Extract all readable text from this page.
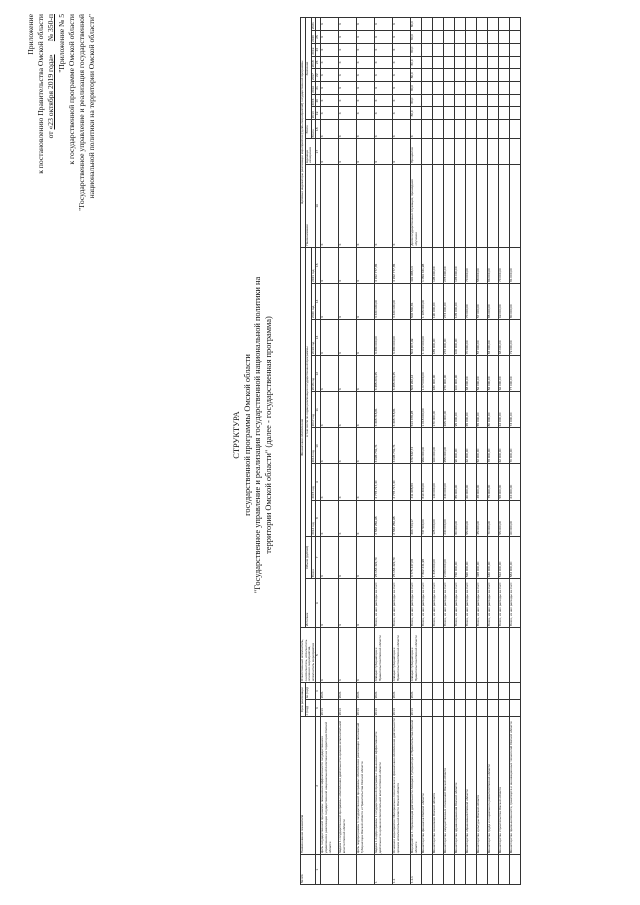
Приложение к постановлению Правительства Омской области от «23 октября 2019 года»       № 350-п "Приложение № 5 к государственной программе Омской области "Государственное управление и реализация государственной национальной политики на территории Омской области"
СТРУКТУРА государственной программы Омской области "Государственное управление и реализация государственной национальной политики на территории Омской области" (далее - государственная программа)
№ п/п	Наименование показателя	Срок реализации		Ответственный исполнитель, соисполнитель, исполнитель основного мероприятия, исполнитель мероприятия	Финансовое обеспечение										Целевые индикаторы реализации мероприятия (группы мероприятий) государственной программы										
		с (год)	по (год)		Источник	Объем (рублей)	в том числе по годам реализации государственной программы								Наименование	Единица измерения	Всего	Значение							
						Всего	2014 год	2015 год	2016 год	2017 год	2018 год	2019 год	2020 год	2021 год			Всего	2014	2015	2016	2017	2018	2019	2020	2021
1	2	3	4	5	6	7	8	9	10	11	12	13	14	15	16	17	18	19	20	21	22	23	24	25	
	Цель государственной программы: повышение эффективности государственного управления и реализации государственной национальной политики на территории Омской области	2014	2021	X	X	X	X	X	X	X	X	X	X	X	X	X	X	X	X	X	X	X	X	X	X
	Задача 1 государственной программы: обеспечение деятельности органов исполнительной власти Омской области	2014	2021	X	X	X	X	X	X	X	X	X	X	X	X	X	X	X	X	X	X	X	X	X	X
	Цель подпрограммы 1 государственной программы: обеспечение реализации полномочий Губернатора Омской области и Правительства Омской области	2014	2021	X	X	X	X	X	X	X	X	X	X	X	X	X	X	X	X	X	X	X	X	X	X
1	Задача 1 подпрограммы 1 государственной программы: повышение эффективности деятельности органов исполнительной власти Омской области	2014	2021	Аппарат Губернатора и Правительства Омской области	Всего, из них расходы за счет:	25 153 422,70	2 532 256,98	2 778 717,40	3 095 731,71	3 308 715,81	3 385 203,45	3 480 000,00	3 420 020,00	3 152 777,35	X	X	X	X	X	X	X	X	X	X	X
1.1	Основное мероприятие: Материально-техническое и финансовое обеспечение деятельности органов исполнительной власти Омской области	2014	2021	Аппарат Губернатора и Правительства Омской области	Всего, из них расходы за счет:	25 153 422,70	2 532 256,98	2 778 717,40	3 095 731,71	3 308 715,81	3 385 203,45	3 480 000,00	3 420 020,00	3 152 777,35	X	X	X	X	X	X	X	X	X	X	X
1.1.1	Мероприятие 1. Организация деятельности Аппарата Губернатора и Правительства Омской области	2014	2021	Аппарат Губернатора и Правительства Омской области	Всего, из них расходы за счет:	3 775 447,08	363 744,17	411 905,83	476 542,74	513 478,28	508 262,12	503 007,99	506 540,81	491 965,14	Доля государственных служащих, прошедших обучение	Процентов	X	80,0	80,0	80,0	80,0	80,0	80,0	80,0	80,0
	Министерство финансов Омской области				Всего, из них расходы за счет:	7 862 241,98	737 500,00	810 300,00	956 000,00	1 018 000,00	1 074 000,00	1 102 000,00	1 105 000,00	1 059 441,98											
	Министерство экономики Омской области				Всего, из них расходы за счет:	1 345 000,00	125 000,00	140 000,00	160 000,00	170 000,00	180 000,00	185 000,00	190 000,00	195 000,00											
	Министерство имущественных отношений Омской области				Всего, из них расходы за счет:	2 083 000,00	230 000,00	240 000,00	255 000,00	265 000,00	270 000,00	272 000,00	273 000,00	278 000,00											
	Министерство здравоохранения Омской области				Всего, из них расходы за счет:	760 000,00	80 000,00	85 000,00	90 000,00	95 000,00	100 000,00	100 000,00	105 000,00	105 000,00											
	Министерство образования Омской области				Всего, из них расходы за счет:	520 000,00	55 000,00	60 000,00	62 000,00	65 000,00	68 000,00	70 000,00	70 000,00	70 000,00											
	Министерство культуры Омской области				Всего, из них расходы за счет:	428 000,00	45 000,00	48 000,00	52 000,00	55 000,00	56 000,00	57 000,00	57 000,00	58 000,00											
	Министерство труда и социального развития Омской области				Всего, из них расходы за счет:	640 000,00	70 000,00	75 000,00	78 000,00	80 000,00	82 000,00	84 000,00	85 000,00	86 000,00											
	Министерство строительства Омской области				Всего, из них расходы за счет:	512 000,00	55 000,00	58 000,00	62 000,00	64 000,00	66 000,00	68 000,00	69 000,00	70 000,00											
	Министерство промышленности, транспорта и инновационных технологий Омской области				Всего, из них расходы за счет:	584 000,00	60 000,00	64 000,00	70 000,00	73 000,00	77 000,00	79 000,00	80 000,00	81 000,00											
